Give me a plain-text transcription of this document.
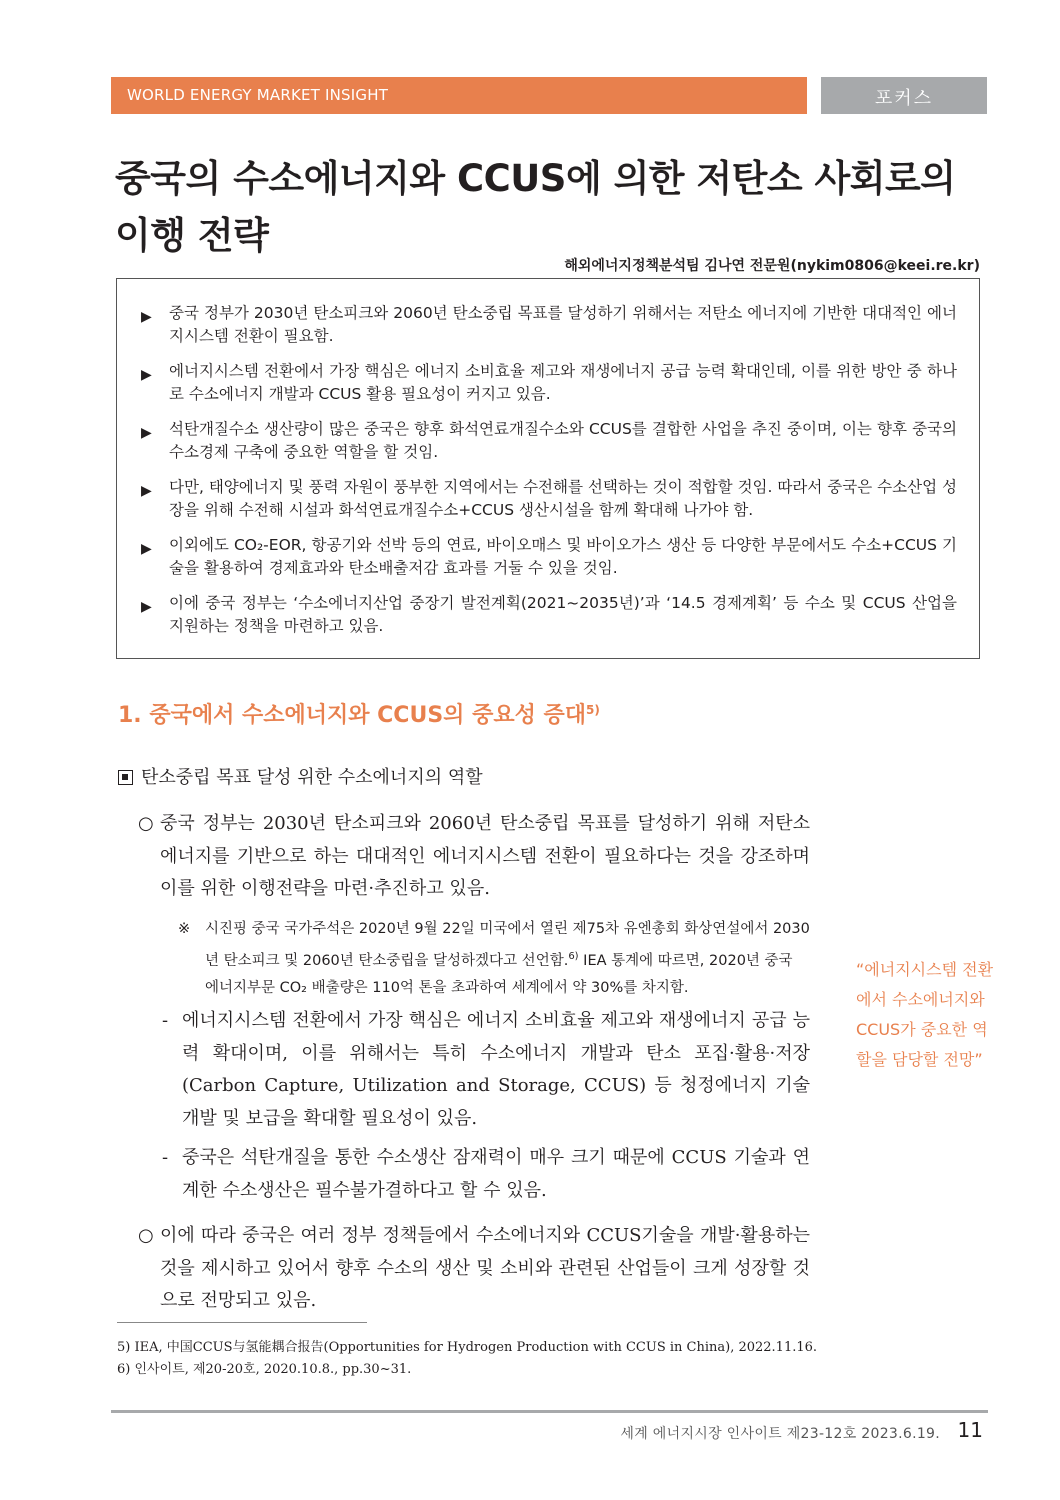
WORLD ENERGY MARKET INSIGHT	포커스
중국의 수소에너지와 CCUS에 의한 저탄소 사회로의 이행 전략
해외에너지정책분석팀 김나연 전문원(nykim0806@keei.re.kr)
▶ 중국 정부가 2030년 탄소피크와 2060년 탄소중립 목표를 달성하기 위해서는 저탄소 에너지에 기반한 대대적인 에너지시스템 전환이 필요함.
▶ 에너지시스템 전환에서 가장 핵심은 에너지 소비효율 제고와 재생에너지 공급 능력 확대인데, 이를 위한 방안 중 하나로 수소에너지 개발과 CCUS 활용 필요성이 커지고 있음.
▶ 석탄개질수소 생산량이 많은 중국은 향후 화석연료개질수소와 CCUS를 결합한 사업을 추진 중이며, 이는 향후 중국의 수소경제 구축에 중요한 역할을 할 것임.
▶ 다만, 태양에너지 및 풍력 자원이 풍부한 지역에서는 수전해를 선택하는 것이 적합할 것임. 따라서 중국은 수소산업 성장을 위해 수전해 시설과 화석연료개질수소+CCUS 생산시설을 함께 확대해 나가야 함.
▶ 이외에도 CO₂-EOR, 항공기와 선박 등의 연료, 바이오매스 및 바이오가스 생산 등 다양한 부문에서도 수소+CCUS 기술을 활용하여 경제효과와 탄소배출저감 효과를 거둘 수 있을 것임.
▶ 이에 중국 정부는 ‘수소에너지산업 중장기 발전계획(2021~2035년)’과 ‘14.5 경제계획’ 등 수소 및 CCUS 산업을 지원하는 정책을 마련하고 있음.
1. 중국에서 수소에너지와 CCUS의 중요성 증대$^{5)}$
탄소중립 목표 달성 위한 수소에너지의 역할
○ 중국 정부는 2030년 탄소피크와 2060년 탄소중립 목표를 달성하기 위해 저탄소 에너지를 기반으로 하는 대대적인 에너지시스템 전환이 필요하다는 것을 강조하며 이를 위한 이행전략을 마련·추진하고 있음.
※ 시진핑 중국 국가주석은 2020년 9월 22일 미국에서 열린 제75차 유엔총회 화상연설에서 2030년 탄소피크 및 2060년 탄소중립을 달성하겠다고 선언함.$^{6)}$ IEA 통계에 따르면, 2020년 중국 에너지부문 CO₂ 배출량은 110억 톤을 초과하여 세계에서 약 30%를 차지함.
- 에너지시스템 전환에서 가장 핵심은 에너지 소비효율 제고와 재생에너지 공급 능력 확대이며, 이를 위해서는 특히 수소에너지 개발과 탄소 포집·활용·저장 (Carbon Capture, Utilization and Storage, CCUS) 등 청정에너지 기술 개발 및 보급을 확대할 필요성이 있음.
- 중국은 석탄개질을 통한 수소생산 잠재력이 매우 크기 때문에 CCUS 기술과 연계한 수소생산은 필수불가결하다고 할 수 있음.
○ 이에 따라 중국은 여러 정부 정책들에서 수소에너지와 CCUS기술을 개발·활용하는 것을 제시하고 있어서 향후 수소의 생산 및 소비와 관련된 산업들이 크게 성장할 것으로 전망되고 있음.
“에너지시스템 전환에서 수소에너지와 CCUS가 중요한 역할을 담당할 전망”
5) IEA, 中国CCUS与氢能耦合报告(Opportunities for Hydrogen Production with CCUS in China), 2022.11.16.
6) 인사이트, 제20-20호, 2020.10.8., pp.30~31.
세계 에너지시장 인사이트 제23-12호 2023.6.19. 11
